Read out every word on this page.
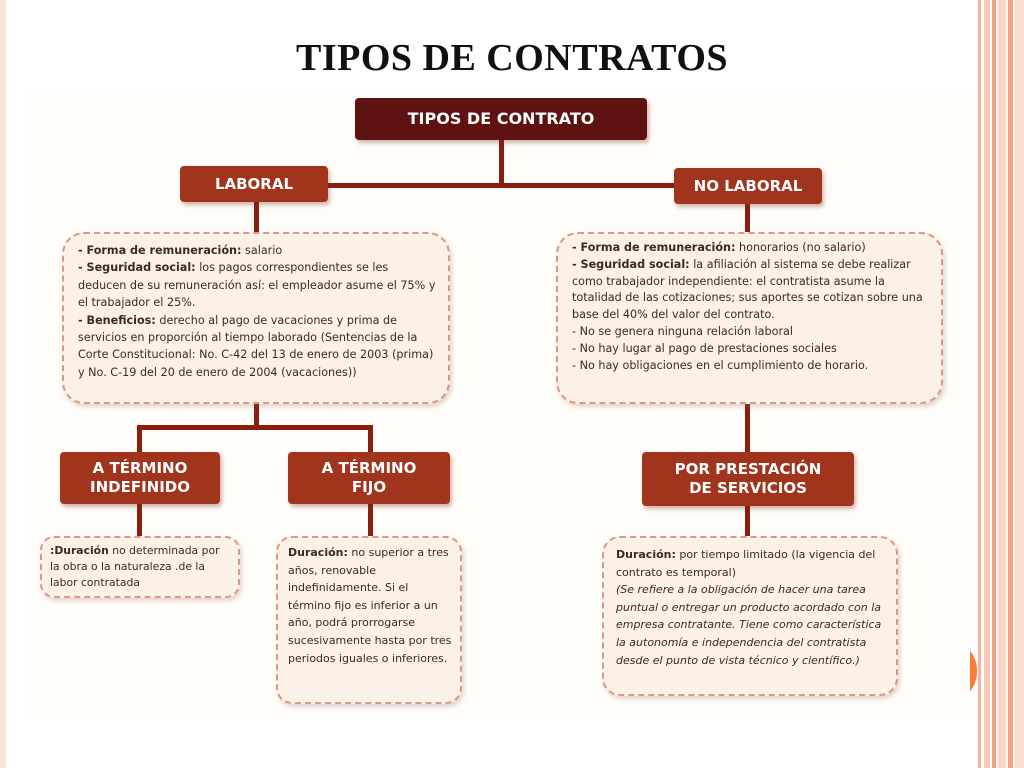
TIPOS DE CONTRATOS
TIPOS DE CONTRATO
LABORAL	NO LABORAL

- Forma de remuneración: salario

- Seguridad social: los pagos correspondientes se les deducen de su remuneración así: el empleador asume el 75% y el trabajador el 25%.

- Beneficios: derecho al pago de vacaciones y prima de servicios en proporción al tiempo laborado (Sentencias de la Corte Constitucional: No. C-42 del 13 de enero de 2003 (prima) y No. C-19 del 20 de enero de 2004 (vacaciones))

- Forma de remuneración: honorarios (no salario)

- Seguridad social: la afiliación al sistema se debe realizar como trabajador independiente: el contratista asume la totalidad de las cotizaciones; sus aportes se cotizan sobre una base del 40% del valor del contrato.

- No se genera ninguna relación laboral

- No hay lugar al pago de prestaciones sociales

- No hay obligaciones en el cumplimiento de horario.

A TÉRMINO
INDEFINIDO
A TÉRMINO
FIJO
POR PRESTACIÓN
DE SERVICIOS

:Duración no determinada por la obra o la naturaleza .de la labor contratada

Duración: no superior a tres años, renovable indefinidamente. Si el término fijo es inferior a un año, podrá prorrogarse sucesivamente hasta por tres periodos iguales o inferiores.

Duración: por tiempo limitado (la vigencia del contrato es temporal)

(Se refiere a la obligación de hacer una tarea puntual o entregar un producto acordado con la empresa contratante. Tiene como característica la autonomía e independencia del contratista desde el punto de vista técnico y científico.)
